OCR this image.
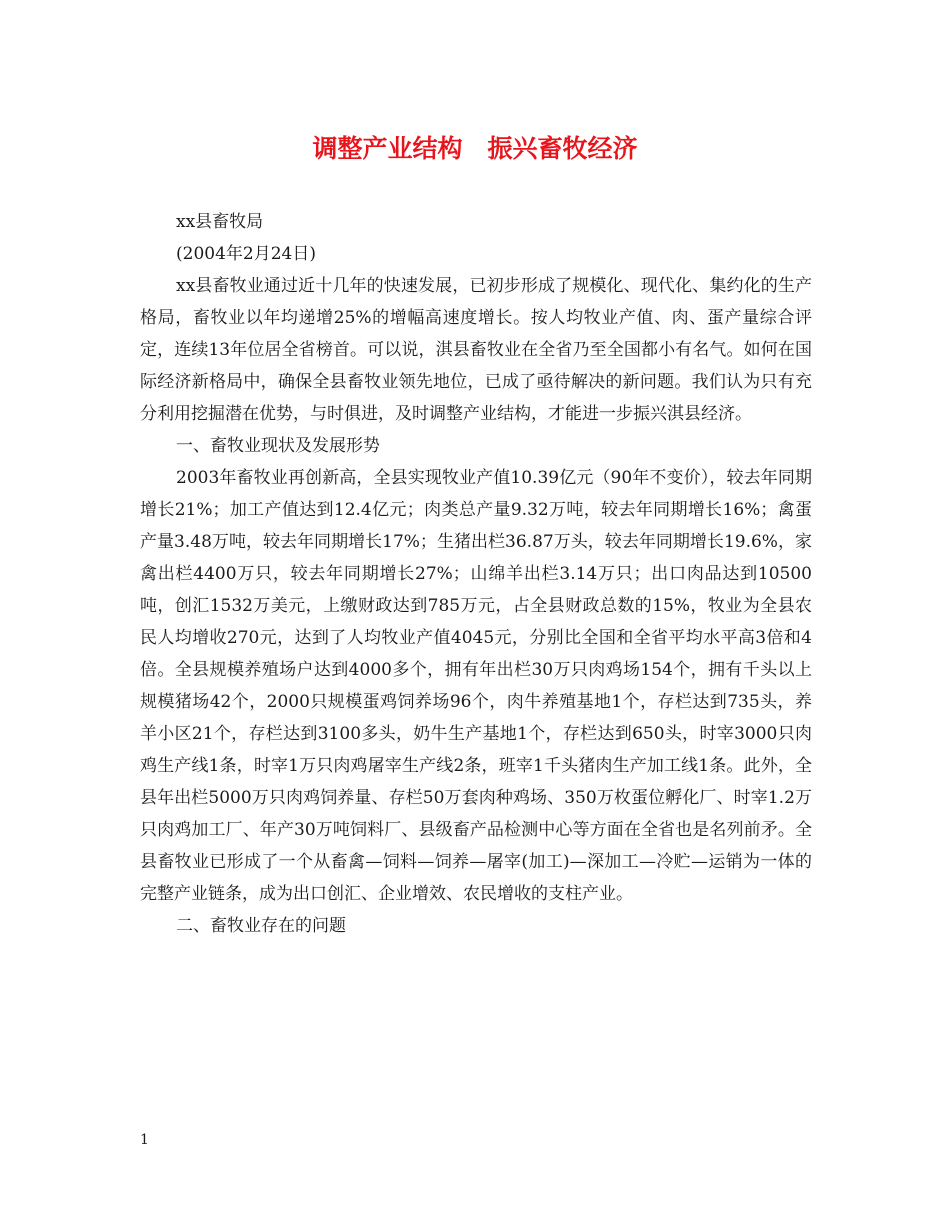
调整产业结构　振兴畜牧经济

xx县畜牧局

(2004年2月24日)

xx县畜牧业通过近十几年的快速发展，已初步形成了规模化、现代化、集约化的生产格局，畜牧业以年均递增25%的增幅高速度增长。按人均牧业产值、肉、蛋产量综合评定，连续13年位居全省榜首。可以说，淇县畜牧业在全省乃至全国都小有名气。如何在国际经济新格局中，确保全县畜牧业领先地位，已成了亟待解决的新问题。我们认为只有充分利用挖掘潜在优势，与时俱进，及时调整产业结构，才能进一步振兴淇县经济。

一、畜牧业现状及发展形势

2003年畜牧业再创新高，全县实现牧业产值10.39亿元（90年不变价），较去年同期增长21%；加工产值达到12.4亿元；肉类总产量9.32万吨，较去年同期增长16%；禽蛋产量3.48万吨，较去年同期增长17%；生猪出栏36.87万头，较去年同期增长19.6%，家禽出栏4400万只，较去年同期增长27%；山绵羊出栏3.14万只；出口肉品达到10500吨，创汇1532万美元，上缴财政达到785万元，占全县财政总数的15%，牧业为全县农民人均增收270元，达到了人均牧业产值4045元，分别比全国和全省平均水平高3倍和4倍。全县规模养殖场户达到4000多个，拥有年出栏30万只肉鸡场154个，拥有千头以上规模猪场42个，2000只规模蛋鸡饲养场96个，肉牛养殖基地1个，存栏达到735头，养羊小区21个，存栏达到3100多头，奶牛生产基地1个，存栏达到650头，时宰3000只肉鸡生产线1条，时宰1万只肉鸡屠宰生产线2条，班宰1千头猪肉生产加工线1条。此外，全县年出栏5000万只肉鸡饲养量、存栏50万套肉种鸡场、350万枚蛋位孵化厂、时宰1.2万只肉鸡加工厂、年产30万吨饲料厂、县级畜产品检测中心等方面在全省也是名列前矛。全县畜牧业已形成了一个从畜禽—饲料—饲养—屠宰(加工)—深加工—冷贮—运销为一体的完整产业链条，成为出口创汇、企业增效、农民增收的支柱产业。

二、畜牧业存在的问题

1
